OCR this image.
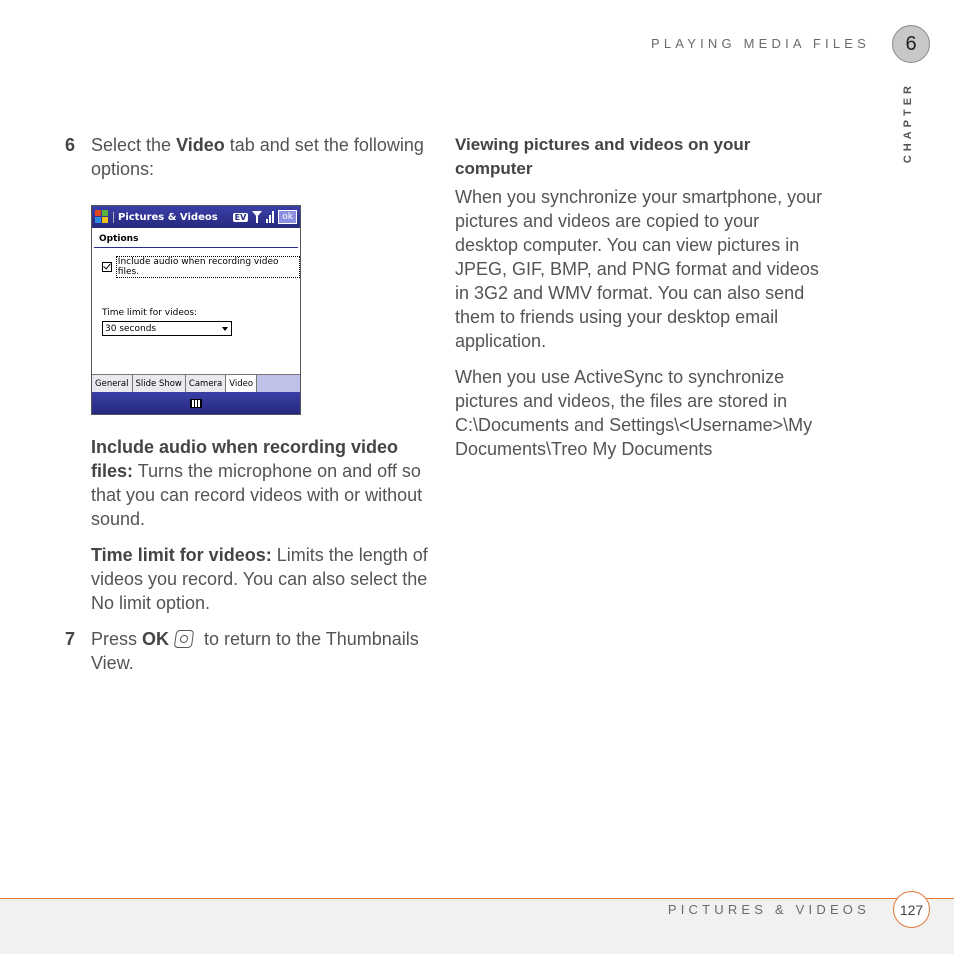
PLAYING MEDIA FILES	6
CHAPTER
6 Select the Video tab and set the following options:
Pictures & Videos	EV	ok
Options
Include audio when recording video files.
Time limit for videos:
30 seconds
General Slide Show Camera Video
Include audio when recording video files: Turns the microphone on and off so that you can record videos with or without sound.
Time limit for videos: Limits the length of videos you record. You can also select the No limit option.
7 Press OK to return to the Thumbnails View.
Viewing pictures and videos on your computer

When you synchronize your smartphone, your pictures and videos are copied to your desktop computer. You can view pictures in JPEG, GIF, BMP, and PNG format and videos in 3G2 and WMV format. You can also send them to friends using your desktop email application.

When you use ActiveSync to synchronize pictures and videos, the files are stored in C:\Documents and Settings\<Username>\My Documents\Treo My Documents

PICTURES & VIDEOS	127
